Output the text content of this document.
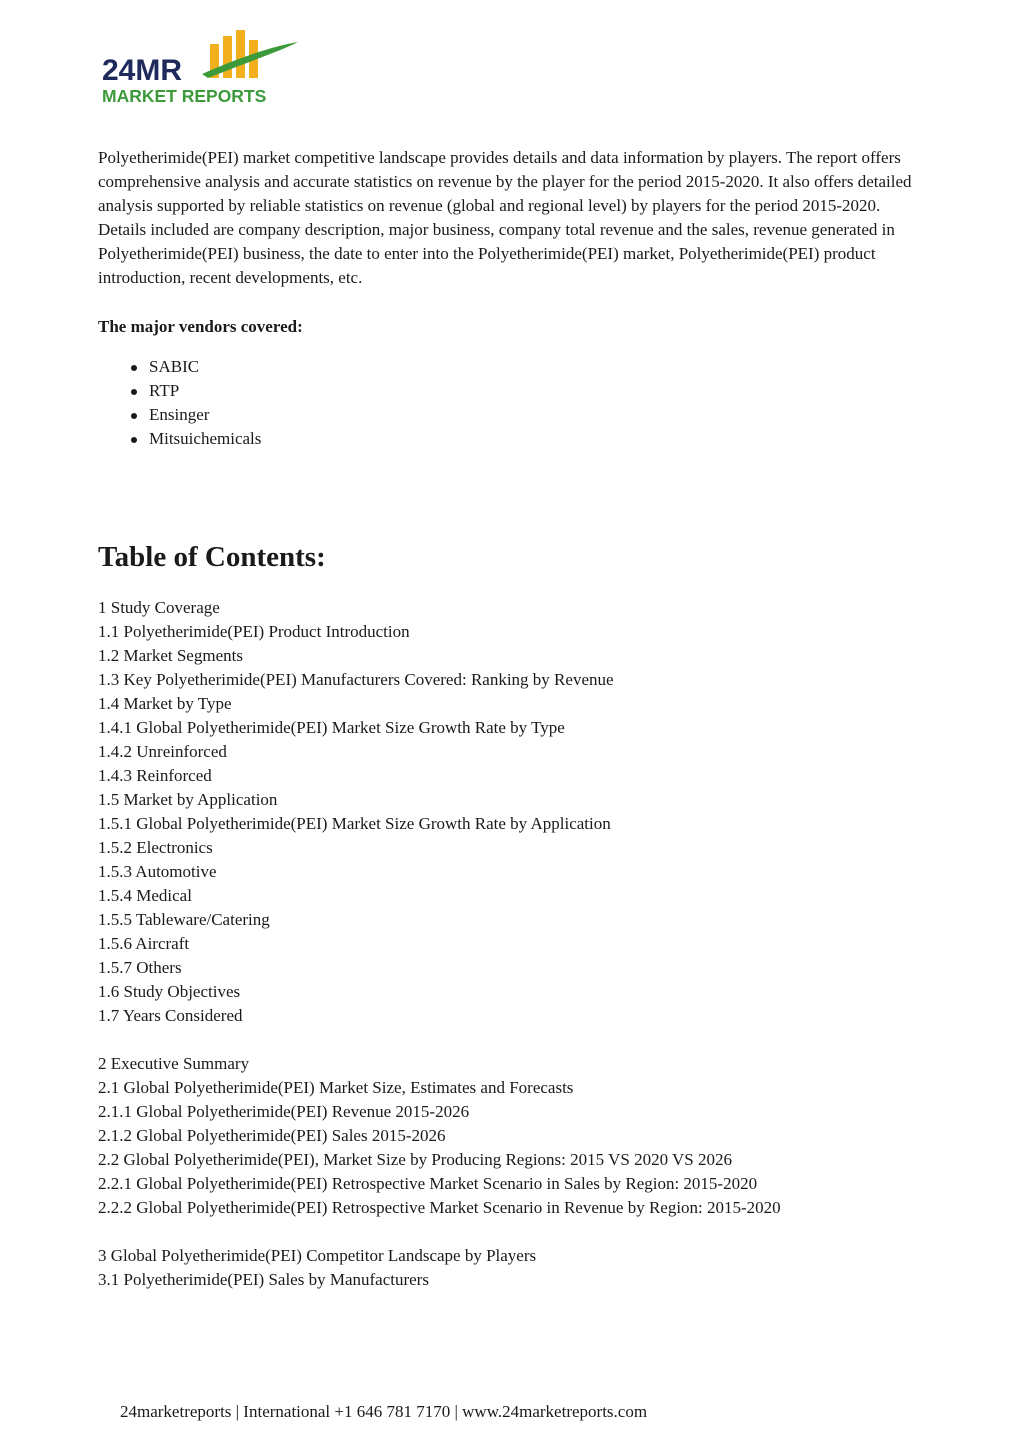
24MR
MARKET REPORTS

Polyetherimide(PEI) market competitive landscape provides details and data information by players. The report offers comprehensive analysis and accurate statistics on revenue by the player for the period 2015-2020. It also offers detailed analysis supported by reliable statistics on revenue (global and regional level) by players for the period 2015-2020. Details included are company description, major business, company total revenue and the sales, revenue generated in Polyetherimide(PEI) business, the date to enter into the Polyetherimide(PEI) market, Polyetherimide(PEI) product introduction, recent developments, etc.

The major vendors covered:

SABIC
RTP
Ensinger
Mitsuichemicals
Table of Contents:
1 Study Coverage
1.1 Polyetherimide(PEI) Product Introduction
1.2 Market Segments
1.3 Key Polyetherimide(PEI) Manufacturers Covered: Ranking by Revenue
1.4 Market by Type
1.4.1 Global Polyetherimide(PEI) Market Size Growth Rate by Type
1.4.2 Unreinforced
1.4.3 Reinforced
1.5 Market by Application
1.5.1 Global Polyetherimide(PEI) Market Size Growth Rate by Application
1.5.2 Electronics
1.5.3 Automotive
1.5.4 Medical
1.5.5 Tableware/Catering
1.5.6 Aircraft
1.5.7 Others
1.6 Study Objectives
1.7 Years Considered
2 Executive Summary
2.1 Global Polyetherimide(PEI) Market Size, Estimates and Forecasts
2.1.1 Global Polyetherimide(PEI) Revenue 2015-2026
2.1.2 Global Polyetherimide(PEI) Sales 2015-2026
2.2 Global Polyetherimide(PEI), Market Size by Producing Regions: 2015 VS 2020 VS 2026
2.2.1 Global Polyetherimide(PEI) Retrospective Market Scenario in Sales by Region: 2015-2020
2.2.2 Global Polyetherimide(PEI) Retrospective Market Scenario in Revenue by Region: 2015-2020
3 Global Polyetherimide(PEI) Competitor Landscape by Players
3.1 Polyetherimide(PEI) Sales by Manufacturers
24marketreports | International +1 646 781 7170 | www.24marketreports.com
